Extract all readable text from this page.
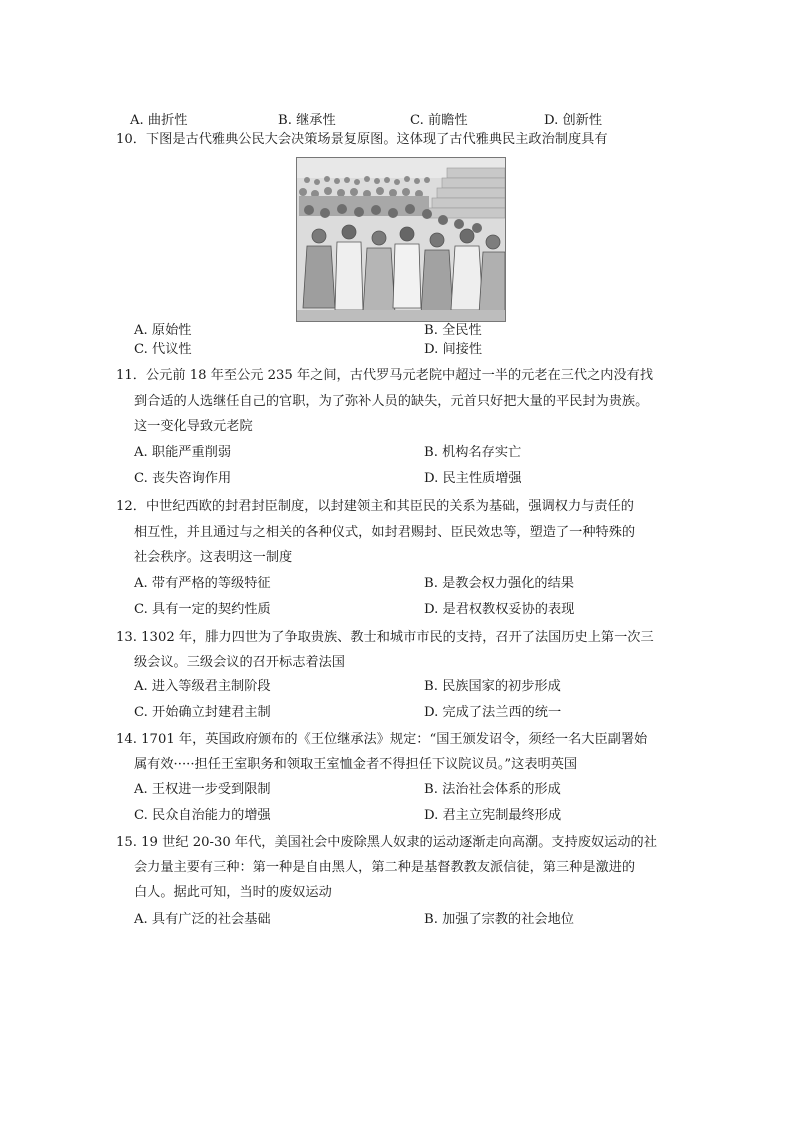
A. 曲折性	B. 继承性	C. 前瞻性	D. 创新性
10．下图是古代雅典公民大会决策场景复原图。这体现了古代雅典民主政治制度具有
A. 原始性	B. 全民性
C. 代议性	D. 间接性
11．公元前 18 年至公元 235 年之间，古代罗马元老院中超过一半的元老在三代之内没有找
到合适的人选继任自己的官职，为了弥补人员的缺失，元首只好把大量的平民封为贵族。
这一变化导致元老院
A. 职能严重削弱	B. 机构名存实亡
C. 丧失咨询作用	D. 民主性质增强
12．中世纪西欧的封君封臣制度，以封建领主和其臣民的关系为基础，强调权力与责任的
相互性，并且通过与之相关的各种仪式，如封君赐封、臣民效忠等，塑造了一种特殊的
社会秩序。这表明这一制度
A. 带有严格的等级特征	B. 是教会权力强化的结果
C. 具有一定的契约性质	D. 是君权教权妥协的表现
13. 1302 年，腓力四世为了争取贵族、教士和城市市民的支持，召开了法国历史上第一次三
级会议。三级会议的召开标志着法国
A. 进入等级君主制阶段	B. 民族国家的初步形成
C. 开始确立封建君主制	D. 完成了法兰西的统一
14. 1701 年，英国政府颁布的《王位继承法》规定：“国王颁发诏令，须经一名大臣副署始
属有效·····担任王室职务和领取王室恤金者不得担任下议院议员。”这表明英国
A. 王权进一步受到限制	B. 法治社会体系的形成
C. 民众自治能力的增强	D. 君主立宪制最终形成
15. 19 世纪 20-30 年代，美国社会中废除黑人奴隶的运动逐渐走向高潮。支持废奴运动的社
会力量主要有三种：第一种是自由黑人，第二种是基督教教友派信徒，第三种是激进的
白人。据此可知，当时的废奴运动
A. 具有广泛的社会基础	B. 加强了宗教的社会地位
